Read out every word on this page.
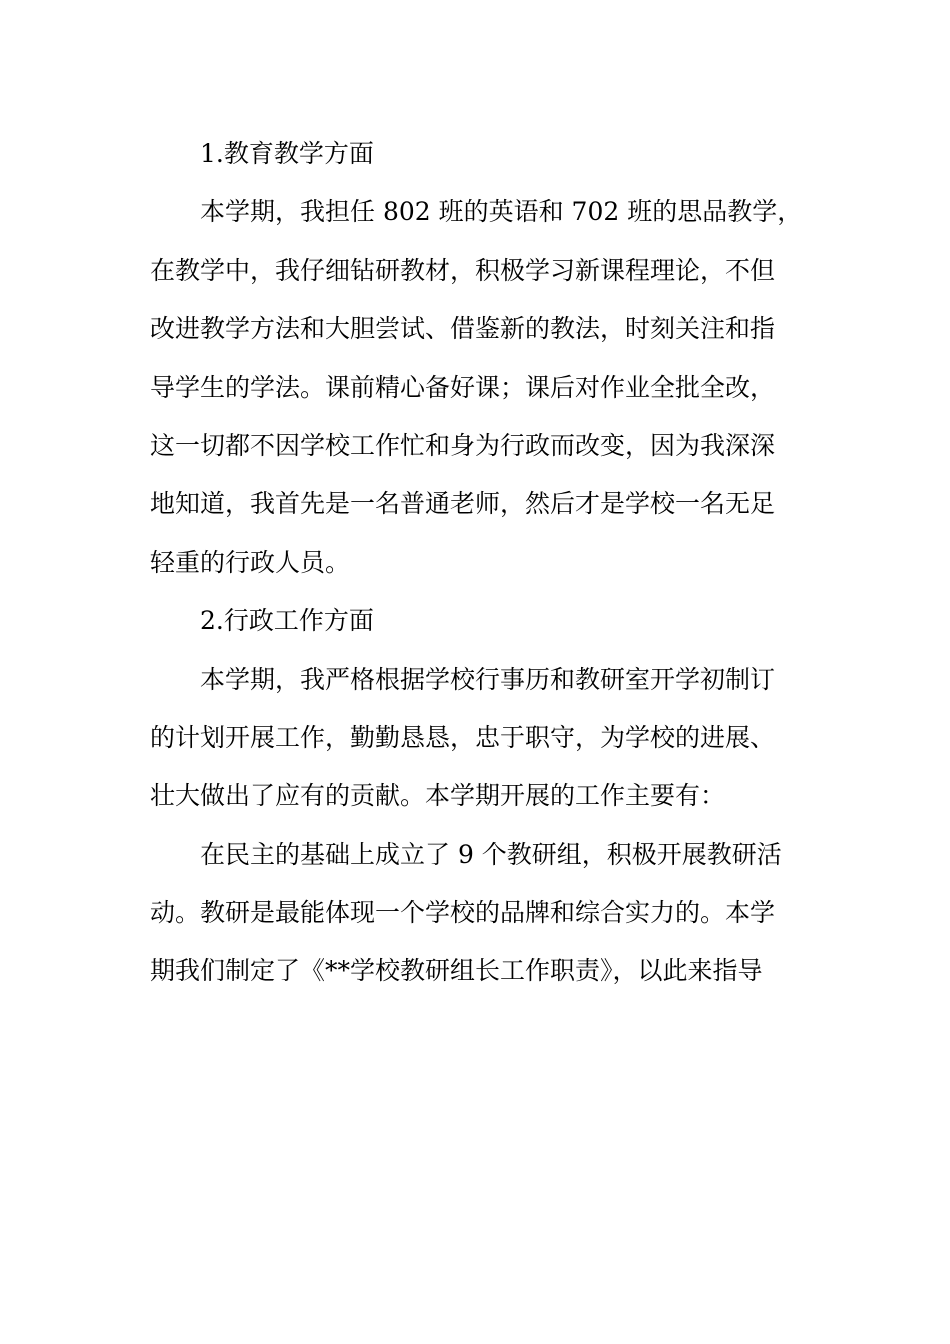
1.教育教学方面
本学期，我担任 802 班的英语和 702 班的思品教学，
在教学中，我仔细钻研教材，积极学习新课程理论，不但
改进教学方法和大胆尝试、借鉴新的教法，时刻关注和指
导学生的学法。课前精心备好课；课后对作业全批全改，
这一切都不因学校工作忙和身为行政而改变，因为我深深
地知道，我首先是一名普通老师，然后才是学校一名无足
轻重的行政人员。
2.行政工作方面
本学期，我严格根据学校行事历和教研室开学初制订
的计划开展工作，勤勤恳恳，忠于职守，为学校的进展、
壮大做出了应有的贡献。本学期开展的工作主要有：
在民主的基础上成立了 9 个教研组，积极开展教研活
动。教研是最能体现一个学校的品牌和综合实力的。本学
期我们制定了《**学校教研组长工作职责》，以此来指导
